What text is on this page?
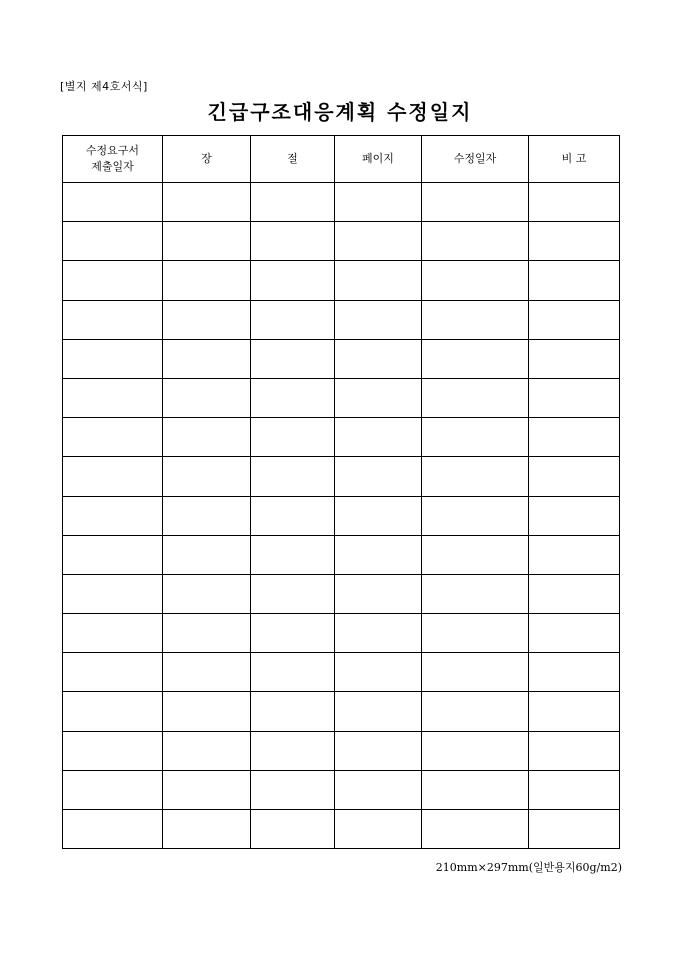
[별지 제4호서식]
긴급구조대응계획 수정일지
수정요구서
제출일자	장	절	페이지	수정일자	비 고

210mm×297mm(일반용지60g/m2)
